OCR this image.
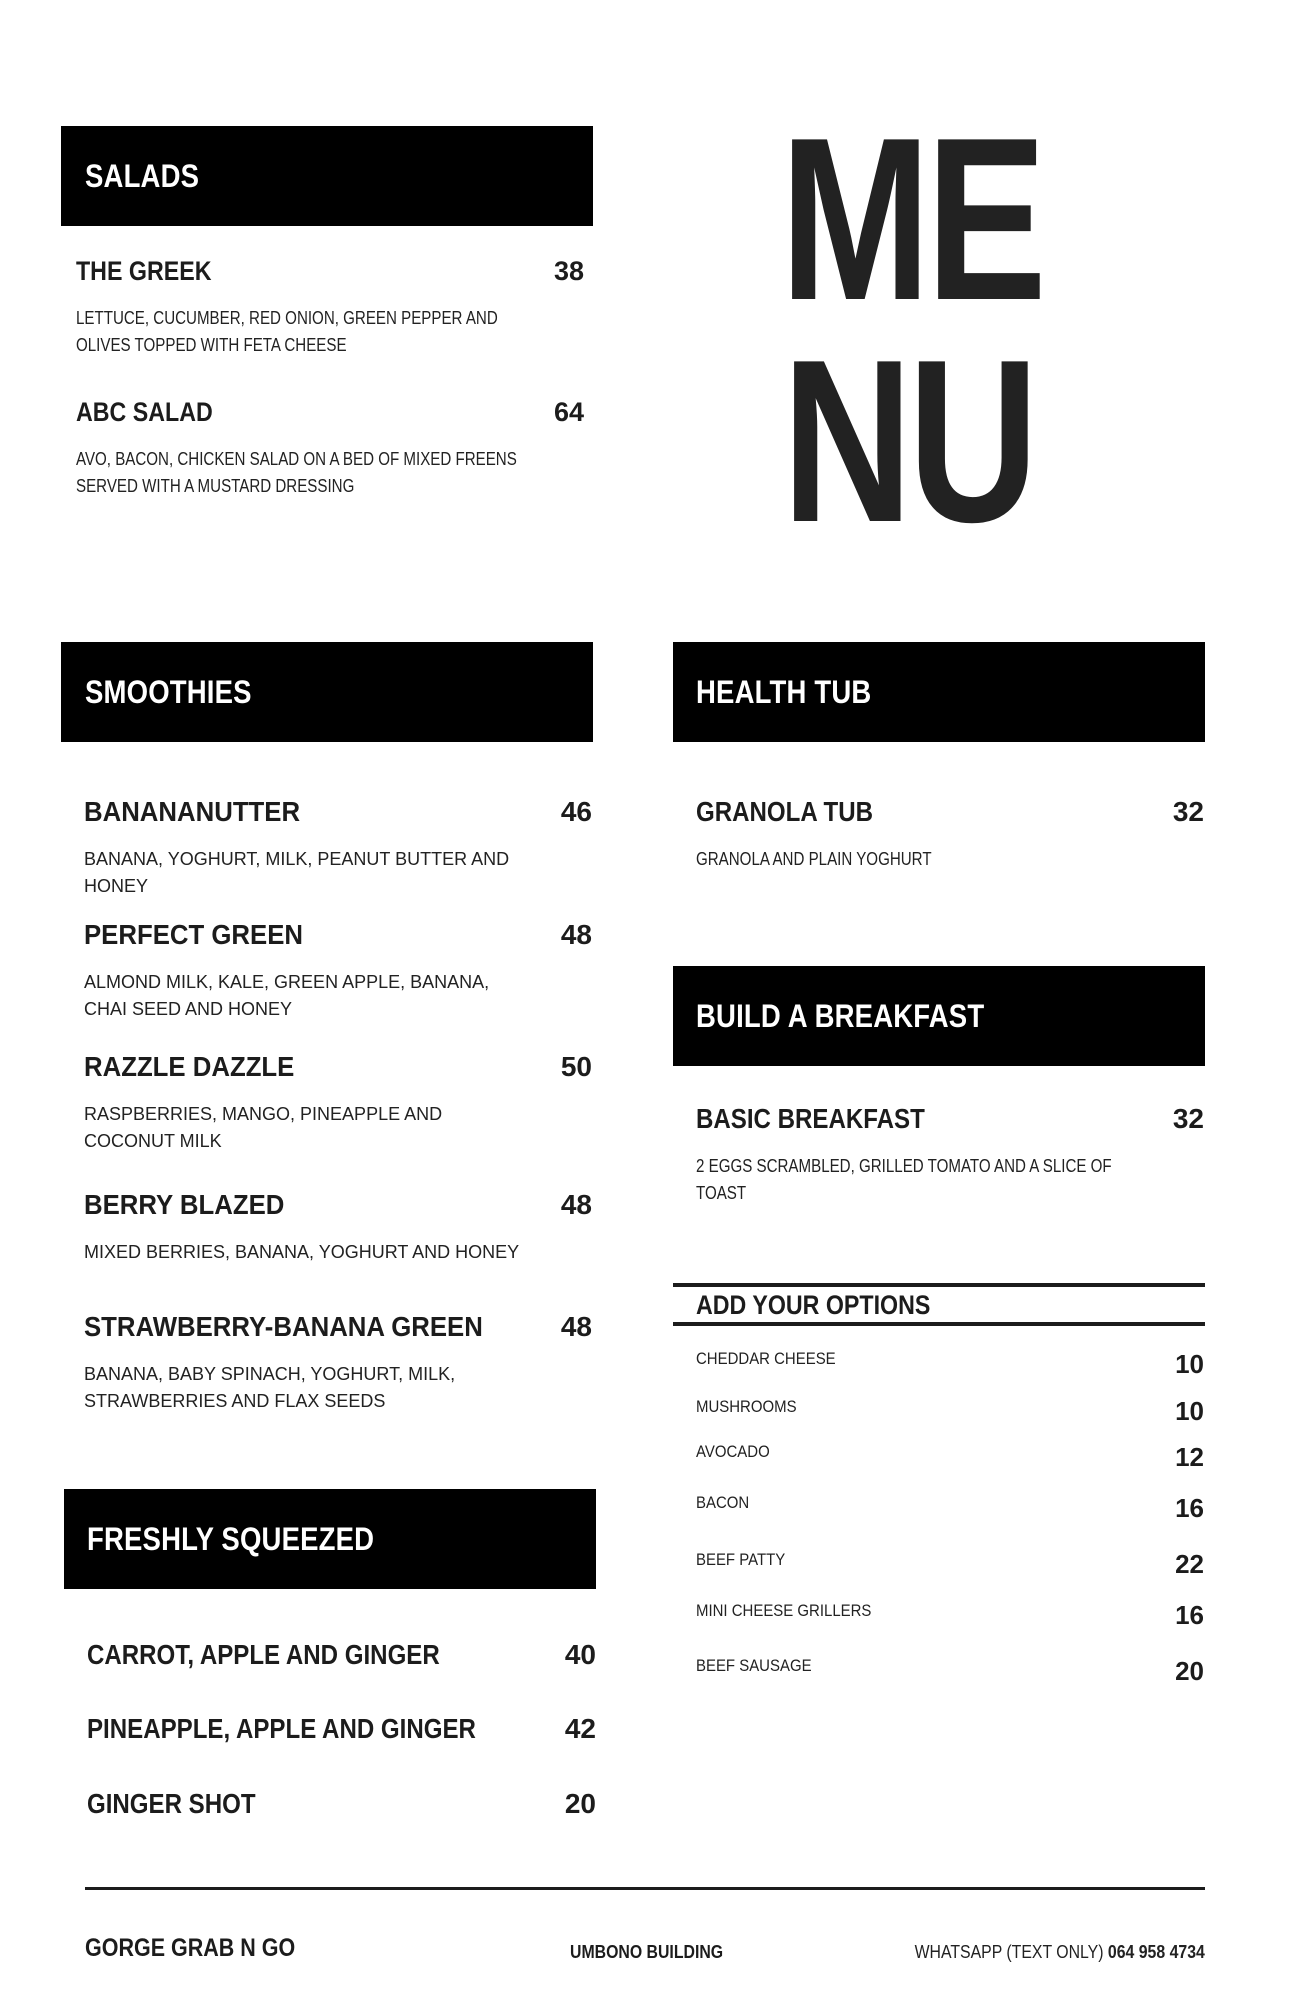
SALADS
THE GREEK	38
LETTUCE, CUCUMBER, RED ONION, GREEN PEPPER AND OLIVES TOPPED WITH FETA CHEESE
ABC SALAD	64
AVO, BACON, CHICKEN SALAD ON A BED OF MIXED FREENS SERVED WITH A MUSTARD DRESSING
ME
NU
SMOOTHIES
BANANANUTTER	46
BANANA, YOGHURT, MILK, PEANUT BUTTER AND HONEY
PERFECT GREEN	48
ALMOND MILK, KALE, GREEN APPLE, BANANA, CHAI SEED AND HONEY
RAZZLE DAZZLE	50
RASPBERRIES, MANGO, PINEAPPLE AND COCONUT MILK
BERRY BLAZED	48
MIXED BERRIES, BANANA, YOGHURT AND HONEY
STRAWBERRY-BANANA GREEN	48
BANANA, BABY SPINACH, YOGHURT, MILK, STRAWBERRIES AND FLAX SEEDS
FRESHLY SQUEEZED
CARROT, APPLE AND GINGER	40
PINEAPPLE, APPLE AND GINGER	42
GINGER SHOT	20
HEALTH TUB
GRANOLA TUB	32
GRANOLA AND PLAIN YOGHURT
BUILD A BREAKFAST
BASIC BREAKFAST	32
2 EGGS SCRAMBLED, GRILLED TOMATO AND A SLICE OF TOAST
ADD YOUR OPTIONS
CHEDDAR CHEESE	10
MUSHROOMS	10
AVOCADO	12
BACON	16
BEEF PATTY	22
MINI CHEESE GRILLERS	16
BEEF SAUSAGE	20
GORGE GRAB N GO	UMBONO BUILDING	WHATSAPP (TEXT ONLY) 064 958 4734
